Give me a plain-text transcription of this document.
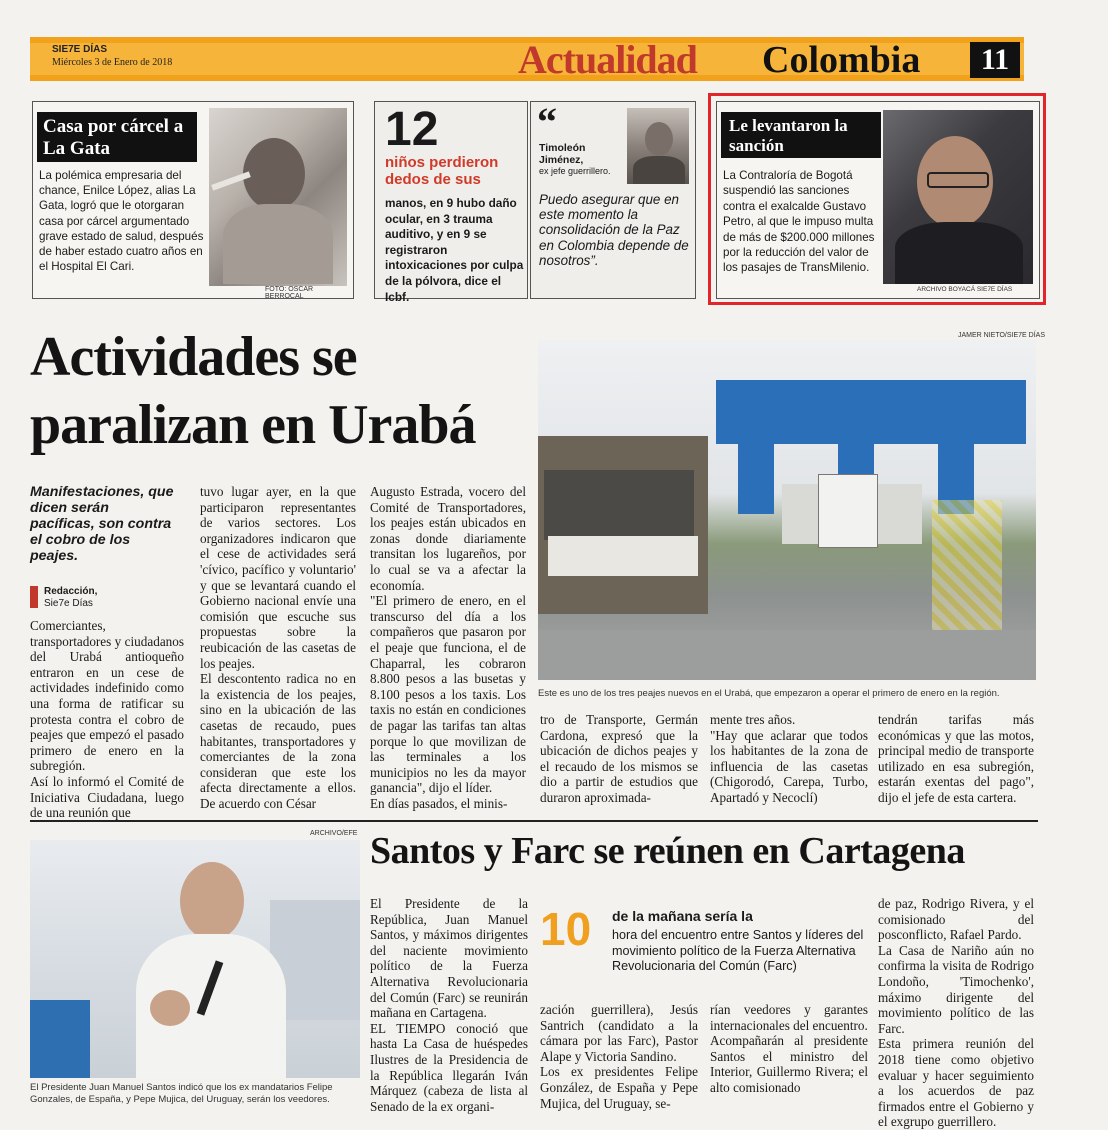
SIE7E DÍAS
Miércoles 3 de Enero de 2018	Actualidad Colombia	11
Casa por cárcel a La Gata
La polémica empresaria del chance, Enilce López, alias La Gata, logró que le otorgaran casa por cárcel argumentado grave estado de salud, después de haber estado cuatro años en el Hospital El Cari.
FOTO: OSCAR BERROCAL
12
niños perdieron dedos de sus
manos, en 9 hubo daño ocular, en 3 trauma auditivo, y en 9 se registraron intoxicaciones por culpa de la pólvora, dice el Icbf.
“
Timoleón Jiménez,
ex jefe guerrillero.
Puedo asegurar que en este momento la consolidación de la Paz en Colombia depende de nosotros”.
Le levantaron la sanción
La Contraloría de Bogotá suspendió las sanciones contra el exalcalde Gustavo Petro, al que le impuso multa de más de $200.000 millones por la reducción del valor de los pasajes de TransMilenio.
ARCHIVO BOYACÁ SIE7E DÍAS
Actividades se
paralizan en Urabá
JAMER NIETO/SIE7E DÍAS
Este es uno de los tres peajes nuevos en el Urabá, que empezaron a operar el primero de enero en la región.
Manifestaciones, que dicen serán pacíficas, son contra el cobro de los peajes.
Redacción,
Sie7e Días
Comerciantes, transportadores y ciudadanos del Urabá antioqueño entraron en un cese de actividades indefinido como una forma de ratificar su protesta contra el cobro de peajes que empezó el pasado primero de enero en la subregión.
Así lo informó el Comité de Iniciativa Ciudadana, luego de una reunión que
tuvo lugar ayer, en la que participaron representantes de varios sectores. Los organizadores indicaron que el cese de actividades será 'cívico, pacífico y voluntario' y que se levantará cuando el Gobierno nacional envíe una comisión que escuche sus propuestas sobre la reubicación de las casetas de los peajes.
El descontento radica no en la existencia de los peajes, sino en la ubicación de las casetas de recaudo, pues habitantes, transportadores y comerciantes de la zona consideran que este los afecta directamente a ellos. De acuerdo con César
Augusto Estrada, vocero del Comité de Transportadores, los peajes están ubicados en zonas donde diariamente transitan los lugareños, por lo cual se va a afectar la economía.
"El primero de enero, en el transcurso del día a los compañeros que pasaron por el peaje que funciona, el de Chaparral, les cobraron 8.800 pesos a las busetas y 8.100 pesos a los taxis. Los taxis no están en condiciones de pagar las tarifas tan altas porque lo que movilizan de las terminales a los municipios no les da mayor ganancia", dijo el líder.
En días pasados, el minis-
tro de Transporte, Germán Cardona, expresó que la ubicación de dichos peajes y el recaudo de los mismos se dio a partir de estudios que duraron aproximada-
mente tres años.
"Hay que aclarar que todos los habitantes de la zona de influencia de las casetas (Chigorodó, Carepa, Turbo, Apartadó y Necoclí)
tendrán tarifas más económicas y que las motos, principal medio de transporte utilizado en esa subregión, estarán exentas del pago", dijo el jefe de esta cartera.
ARCHIVO/EFE
El Presidente Juan Manuel Santos indicó que los ex mandatarios Felipe Gonzales, de España, y Pepe Mujica, del Uruguay, serán los veedores.
Santos y Farc se reúnen en Cartagena
El Presidente de la República, Juan Manuel Santos, y máximos dirigentes del naciente movimiento político de la Fuerza Alternativa Revolucionaria del Común (Farc) se reunirán mañana en Cartagena.
EL TIEMPO conoció que hasta La Casa de huéspedes Ilustres de la Presidencia de la República llegarán Iván Márquez (cabeza de lista al Senado de la ex organi-
10 de la mañana sería la
hora del encuentro entre Santos y líderes del movimiento político de la Fuerza Alternativa Revolucionaria del Común (Farc)
zación guerrillera), Jesús Santrich (candidato a la cámara por las Farc), Pastor Alape y Victoria Sandino.
Los ex presidentes Felipe González, de España y Pepe Mujica, del Uruguay, se-
rían veedores y garantes internacionales del encuentro.
Acompañarán al presidente Santos el ministro del Interior, Guillermo Rivera; el alto comisionado
de paz, Rodrigo Rivera, y el comisionado del posconflicto, Rafael Pardo.
La Casa de Nariño aún no confirma la visita de Rodrigo Londoño, 'Timochenko', máximo dirigente del movimiento político de las Farc.
Esta primera reunión del 2018 tiene como objetivo evaluar y hacer seguimiento a los acuerdos de paz firmados entre el Gobierno y el exgrupo guerrillero.
